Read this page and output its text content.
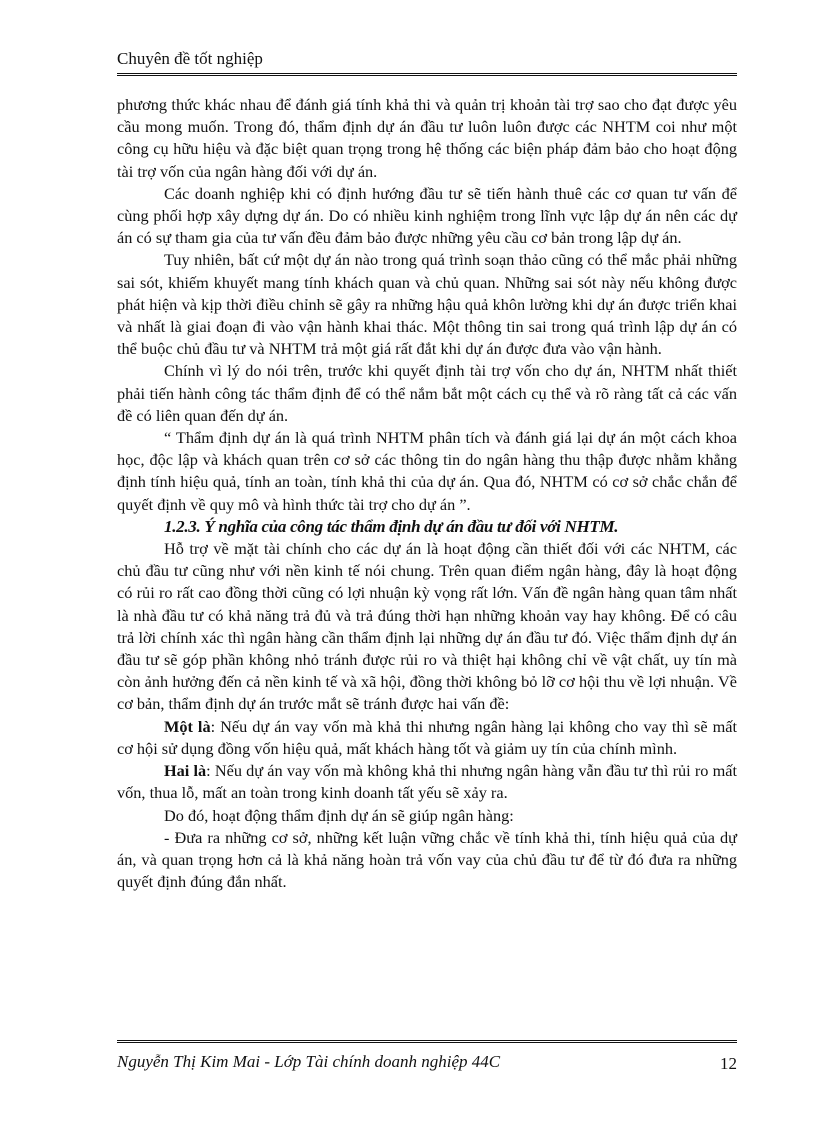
Chuyên đề tốt nghiệp

phương thức khác nhau để đánh giá tính khả thi và quản trị khoản tài trợ sao cho đạt được yêu cầu mong muốn. Trong đó, thẩm định dự án đầu tư luôn luôn được các NHTM coi như một công cụ hữu hiệu và đặc biệt quan trọng trong hệ thống các biện pháp đảm bảo cho hoạt động tài trợ vốn của ngân hàng đối với dự án.

Các doanh nghiệp khi có định hướng đầu tư sẽ tiến hành thuê các cơ quan tư vấn để cùng phối hợp xây dựng dự án. Do có nhiều kinh nghiệm trong lĩnh vực lập dự án nên các dự án có sự tham gia của tư vấn đều đảm bảo được những yêu cầu cơ bản trong lập dự án.

Tuy nhiên, bất cứ một dự án nào trong quá trình soạn thảo cũng có thể mắc phải những sai sót, khiếm khuyết mang tính khách quan và chủ quan. Những sai sót này nếu không được phát hiện và kịp thời điều chỉnh sẽ gây ra những hậu quả khôn lường khi dự án được triển khai và nhất là giai đoạn đi vào vận hành khai thác. Một thông tin sai trong quá trình lập dự án có thể buộc chủ đầu tư và NHTM trả một giá rất đắt khi dự án được đưa vào vận hành.

Chính vì lý do nói trên, trước khi quyết định tài trợ vốn cho dự án, NHTM nhất thiết phải tiến hành công tác thẩm định để có thể nắm bắt một cách cụ thể và rõ ràng tất cả các vấn đề có liên quan đến dự án.

“ Thẩm định dự án là quá trình NHTM phân tích và đánh giá lại dự án một cách khoa học, độc lập và khách quan trên cơ sở các thông tin do ngân hàng thu thập được nhằm khẳng định tính hiệu quả, tính an toàn, tính khả thi của dự án. Qua đó, NHTM có cơ sở chắc chắn để quyết định về quy mô và hình thức tài trợ cho dự án ”.

1.2.3. Ý nghĩa của công tác thẩm định dự án đầu tư đối với NHTM.

Hỗ trợ về mặt tài chính cho các dự án là hoạt động cần thiết đối với các NHTM, các chủ đầu tư cũng như với nền kinh tế nói chung. Trên quan điểm ngân hàng, đây là hoạt động có rủi ro rất cao đồng thời cũng có lợi nhuận kỳ vọng rất lớn. Vấn đề ngân hàng quan tâm nhất là nhà đầu tư có khả năng trả đủ và trả đúng thời hạn những khoản vay hay không. Để có câu trả lời chính xác thì ngân hàng cần thẩm định lại những dự án đầu tư đó. Việc thẩm định dự án đầu tư sẽ góp phần không nhỏ tránh được rủi ro và thiệt hại không chỉ về vật chất, uy tín mà còn ảnh hưởng đến cả nền kinh tế và xã hội, đồng thời không bỏ lỡ cơ hội thu về lợi nhuận. Về cơ bản, thẩm định dự án trước mắt sẽ tránh được hai vấn đề:

Một là: Nếu dự án vay vốn mà khả thi nhưng ngân hàng lại không cho vay thì sẽ mất cơ hội sử dụng đồng vốn hiệu quả, mất khách hàng tốt và giảm uy tín của chính mình.

Hai là: Nếu dự án vay vốn mà không khả thi nhưng ngân hàng vẫn đầu tư thì rủi ro mất vốn, thua lỗ, mất an toàn trong kinh doanh tất yếu sẽ xảy ra.

Do đó, hoạt động thẩm định dự án sẽ giúp ngân hàng:

- Đưa ra những cơ sở, những kết luận vững chắc về tính khả thi, tính hiệu quả của dự án, và quan trọng hơn cả là khả năng hoàn trả vốn vay của chủ đầu tư để từ đó đưa ra những quyết định đúng đắn nhất.

Nguyễn Thị Kim Mai - Lớp Tài chính doanh nghiệp 44C	12
